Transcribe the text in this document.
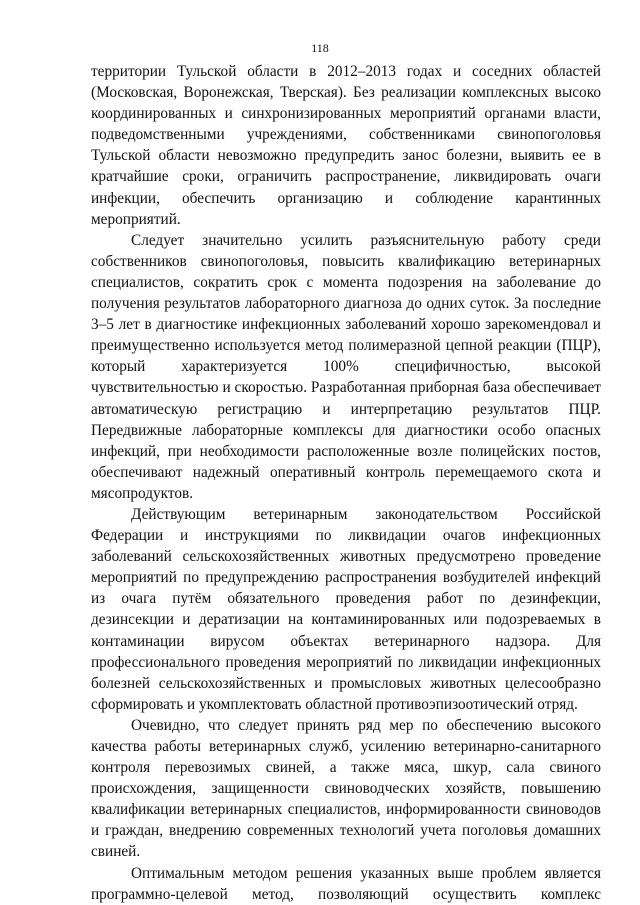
118

территории Тульской области в 2012–2013 годах и соседних областей (Московская, Воронежская, Тверская). Без реализации комплексных высоко координированных и синхронизированных мероприятий органами власти, подведомственными учреждениями, собственниками свинопоголовья Тульской области невозможно предупредить занос болезни, выявить ее в кратчайшие сроки, ограничить распространение, ликвидировать очаги инфекции, обеспечить организацию и соблюдение карантинных мероприятий.

Следует значительно усилить разъяснительную работу среди собственников свинопоголовья, повысить квалификацию ветеринарных специалистов, сократить срок с момента подозрения на заболевание до получения результатов лабораторного диагноза до одних суток. За последние 3–5 лет в диагностике инфекционных заболеваний хорошо зарекомендовал и преимущественно используется метод полимеразной цепной реакции (ПЦР), который характеризуется 100% специфичностью, высокой чувствительностью и скоростью. Разработанная приборная база обеспечивает автоматическую регистрацию и интерпретацию результатов ПЦР. Передвижные лабораторные комплексы для диагностики особо опасных инфекций, при необходимости расположенные возле полицейских постов, обеспечивают надежный оперативный контроль перемещаемого скота и мясопродуктов.

Действующим ветеринарным законодательством Российской Федерации и инструкциями по ликвидации очагов инфекционных заболеваний сельскохозяйственных животных предусмотрено проведение мероприятий по предупреждению распространения возбудителей инфекций из очага путём обязательного проведения работ по дезинфекции, дезинсекции и дератизации на контаминированных или подозреваемых в контаминации вирусом объектах ветеринарного надзора. Для профессионального проведения мероприятий по ликвидации инфекционных болезней сельскохозяйственных и промысловых животных целесообразно сформировать и укомплектовать областной противоэпизоотический отряд.

Очевидно, что следует принять ряд мер по обеспечению высокого качества работы ветеринарных служб, усилению ветеринарно-санитарного контроля перевозимых свиней, а также мяса, шкур, сала свиного происхождения, защищенности свиноводческих хозяйств, повышению квалификации ветеринарных специалистов, информированности свиноводов и граждан, внедрению современных технологий учета поголовья домашних свиней.

Оптимальным методом решения указанных выше проблем является программно-целевой метод, позволяющий осуществить комплекс
